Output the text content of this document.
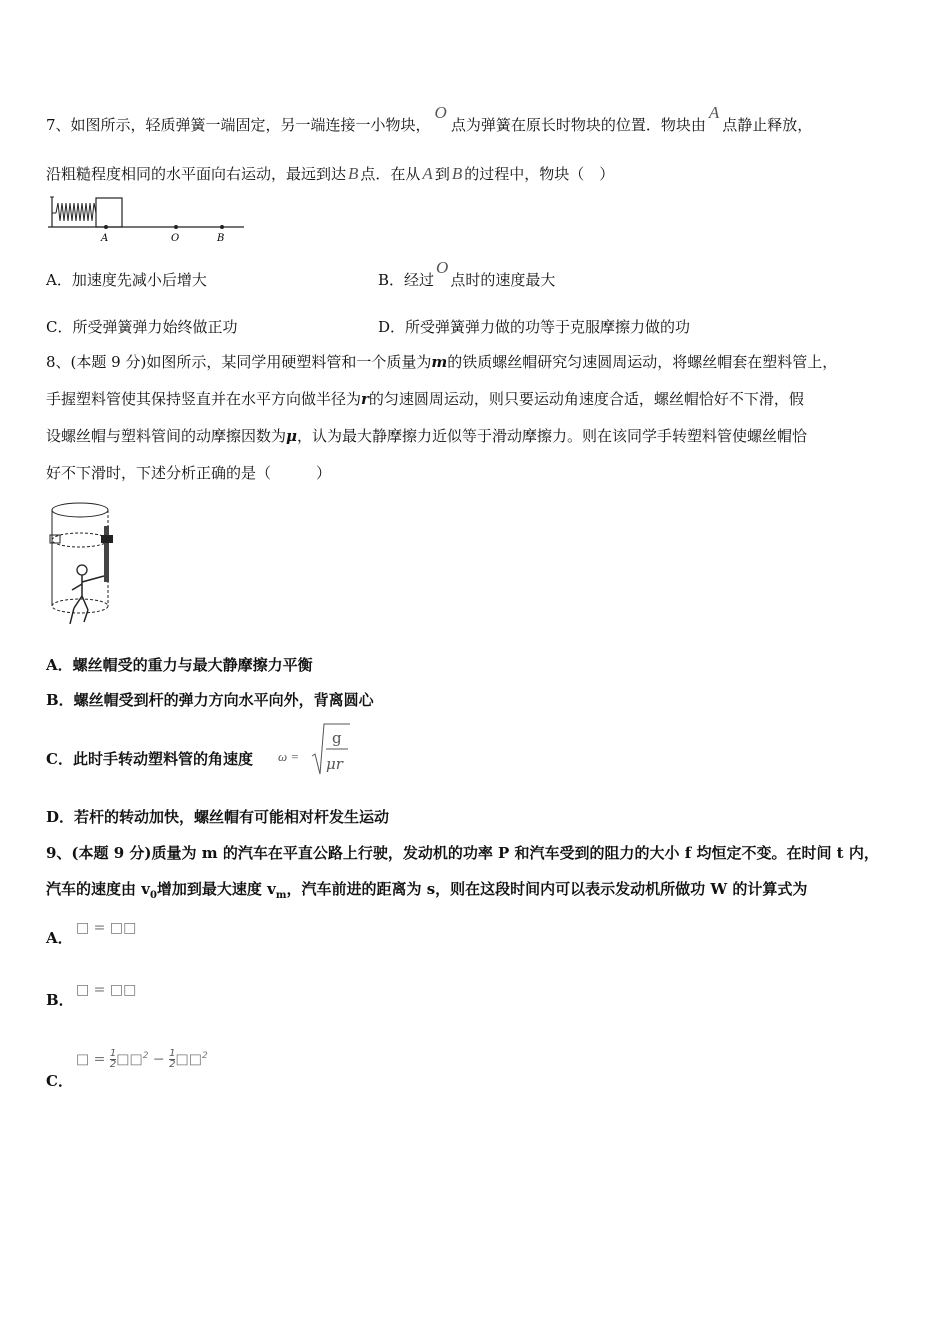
7、如图所示，轻质弹簧一端固定，另一端连接一小物块，O点为弹簧在原长时物块的位置．物块由A点静止释放，
沿粗糙程度相同的水平面向右运动，最远到达 B 点．在从 A 到 B 的过程中，物块（　）
A	O	B
A．加速度先减小后增大	B．经过O点时的速度最大
C．所受弹簧弹力始终做正功	D．所受弹簧弹力做的功等于克服摩擦力做的功
8、(本题 9 分)如图所示，某同学用硬塑料管和一个质量为m的铁质螺丝帽研究匀速圆周运动，将螺丝帽套在塑料管上，
手握塑料管使其保持竖直并在水平方向做半径为r的匀速圆周运动，则只要运动角速度合适，螺丝帽恰好不下滑，假
设螺丝帽与塑料管间的动摩擦因数为μ，认为最大静摩擦力近似等于滑动摩擦力。则在该同学手转塑料管使螺丝帽恰
好不下滑时，下述分析正确的是（　　　）
A．螺丝帽受的重力与最大静摩擦力平衡
B．螺丝帽受到杆的弹力方向水平向外，背离圆心
C．此时手转动塑料管的角速度 ω =
g
μr
D．若杆的转动加快，螺丝帽有可能相对杆发生运动
9、(本题 9 分)质量为 m 的汽车在平直公路上行驶，发动机的功率 P 和汽车受到的阻力的大小 f 均恒定不变。在时间 t 内，
汽车的速度由 $v_0$增加到最大速度 $v_m$，汽车前进的距离为 s，则在这段时间内可以表示发动机所做功 W 的计算式为
A．
□ = □□
B．
□ = □□
C．
□ = $\frac{1}{2}$ □□$^2$ − $\frac{1}{2}$ □□$^2$
